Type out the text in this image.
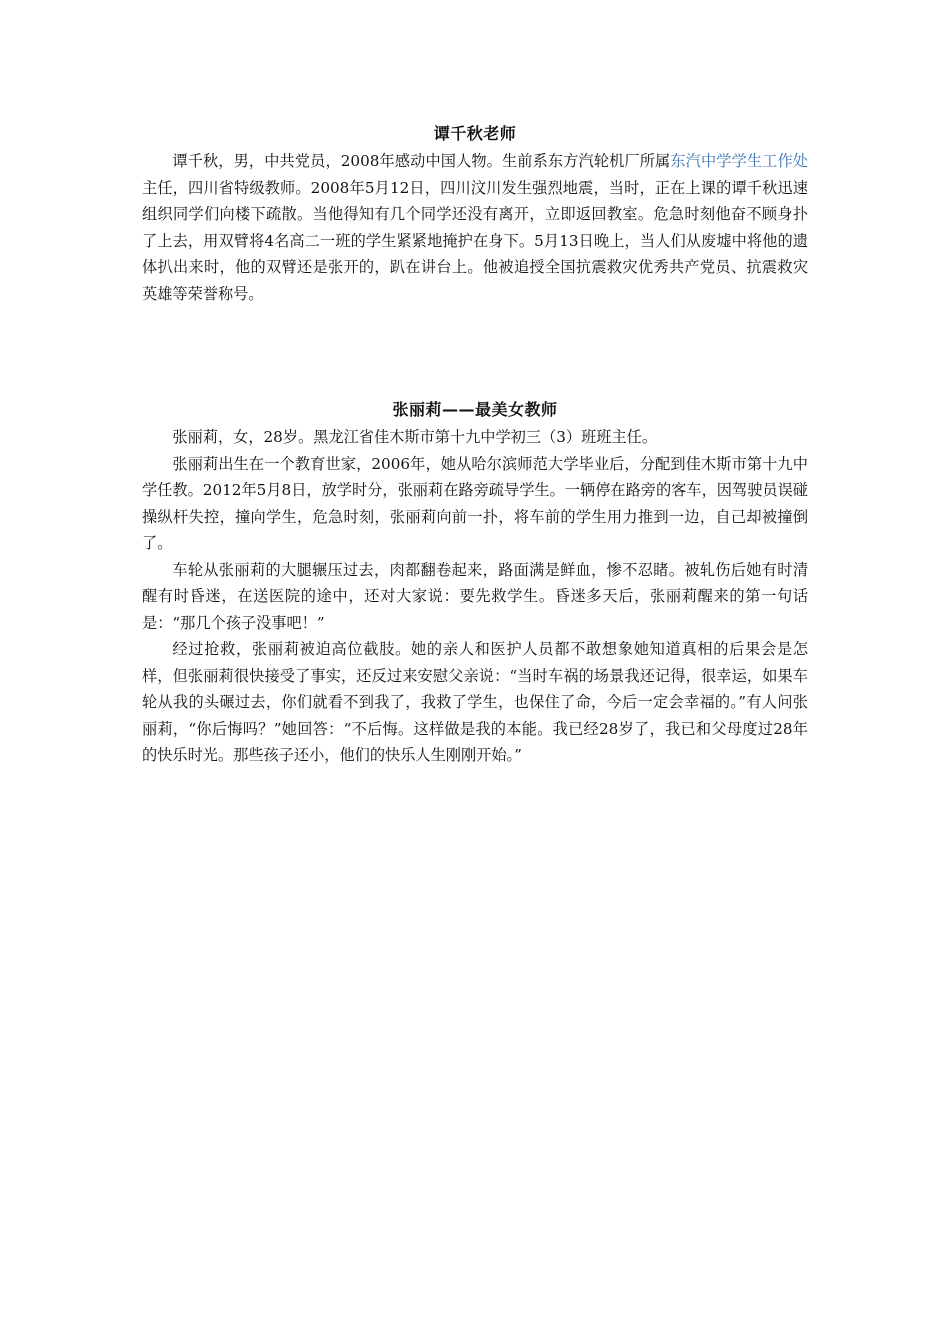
谭千秋老师

谭千秋，男，中共党员，2008年感动中国人物。生前系东方汽轮机厂所属东汽中学学生工作处主任，四川省特级教师。2008年5月12日，四川汶川发生强烈地震，当时，正在上课的谭千秋迅速组织同学们向楼下疏散。当他得知有几个同学还没有离开，立即返回教室。危急时刻他奋不顾身扑了上去，用双臂将4名高二一班的学生紧紧地掩护在身下。5月13日晚上，当人们从废墟中将他的遗体扒出来时，他的双臂还是张开的，趴在讲台上。他被追授全国抗震救灾优秀共产党员、抗震救灾英雄等荣誉称号。

张丽莉——最美女教师

张丽莉，女，28岁。黑龙江省佳木斯市第十九中学初三（3）班班主任。

张丽莉出生在一个教育世家，2006年，她从哈尔滨师范大学毕业后，分配到佳木斯市第十九中学任教。2012年5月8日，放学时分，张丽莉在路旁疏导学生。一辆停在路旁的客车，因驾驶员误碰操纵杆失控，撞向学生，危急时刻，张丽莉向前一扑，将车前的学生用力推到一边，自己却被撞倒了。

车轮从张丽莉的大腿辗压过去，肉都翻卷起来，路面满是鲜血，惨不忍睹。被轧伤后她有时清醒有时昏迷，在送医院的途中，还对大家说：要先救学生。昏迷多天后，张丽莉醒来的第一句话是：“那几个孩子没事吧！”

经过抢救，张丽莉被迫高位截肢。她的亲人和医护人员都不敢想象她知道真相的后果会是怎样，但张丽莉很快接受了事实，还反过来安慰父亲说：“当时车祸的场景我还记得，很幸运，如果车轮从我的头碾过去，你们就看不到我了，我救了学生，也保住了命，今后一定会幸福的。”有人问张丽莉，“你后悔吗？”她回答：“不后悔。这样做是我的本能。我已经28岁了，我已和父母度过28年的快乐时光。那些孩子还小，他们的快乐人生刚刚开始。”
